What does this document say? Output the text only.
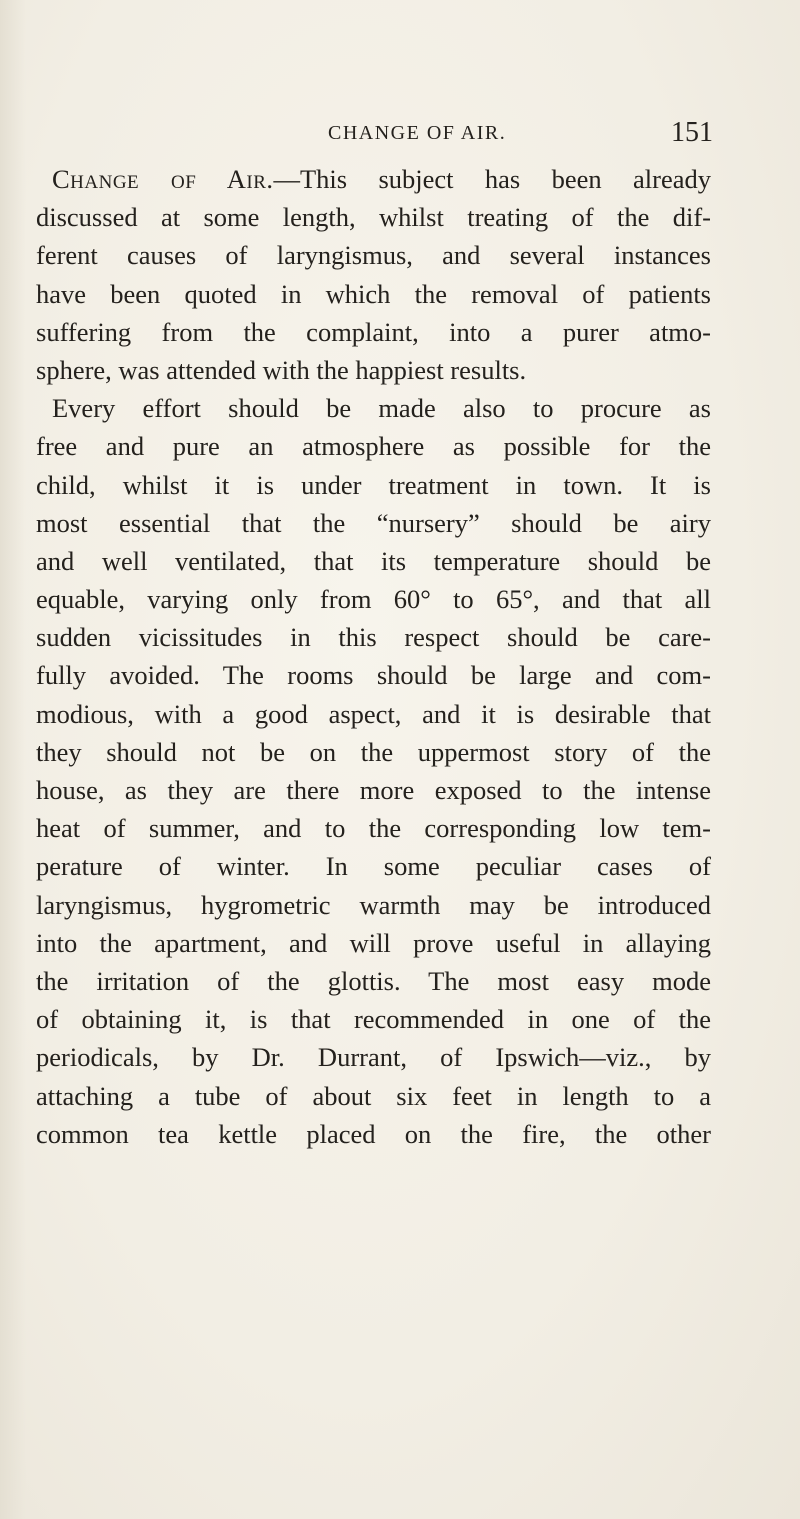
CHANGE OF AIR.	151
Change of Air.—This subject has been already
discussed at some length, whilst treating of the dif-
ferent causes of laryngismus, and several instances
have been quoted in which the removal of patients
suffering from the complaint, into a purer atmo-
sphere, was attended with the happiest results.
Every effort should be made also to procure as
free and pure an atmosphere as possible for the
child, whilst it is under treatment in town. It is
most essential that the “nursery” should be airy
and well ventilated, that its temperature should be
equable, varying only from 60° to 65°, and that all
sudden vicissitudes in this respect should be care-
fully avoided. The rooms should be large and com-
modious, with a good aspect, and it is desirable that
they should not be on the uppermost story of the
house, as they are there more exposed to the intense
heat of summer, and to the corresponding low tem-
perature of winter. In some peculiar cases of
laryngismus, hygrometric warmth may be introduced
into the apartment, and will prove useful in allaying
the irritation of the glottis. The most easy mode
of obtaining it, is that recommended in one of the
periodicals, by Dr. Durrant, of Ipswich—viz., by
attaching a tube of about six feet in length to a
common tea kettle placed on the fire, the other
